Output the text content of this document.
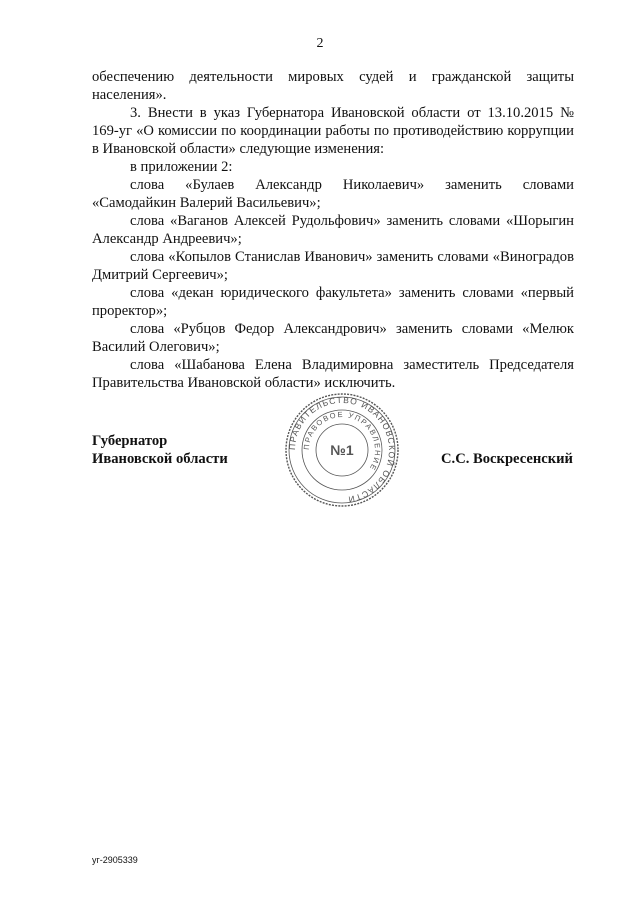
2

обеспечению деятельности мировых судей и гражданской защиты населения».

3. Внести в указ Губернатора Ивановской области от 13.10.2015 № 169-уг «О комиссии по координации работы по противодействию коррупции в Ивановской области» следующие изменения:

в приложении 2:

слова «Булаев Александр Николаевич» заменить словами «Самодайкин Валерий Васильевич»;

слова «Ваганов Алексей Рудольфович» заменить словами «Шорыгин Александр Андреевич»;

слова «Копылов Станислав Иванович» заменить словами «Виноградов Дмитрий Сергеевич»;

слова «декан юридического факультета» заменить словами «первый проректор»;

слова «Рубцов Федор Александрович» заменить словами «Мелюк Василий Олегович»;

слова «Шабанова Елена Владимировна заместитель Председателя Правительства Ивановской области» исключить.

Губернатор
Ивановской области
ПРАВИТЕЛЬСТВО ИВАНОВСКОЙ ОБЛАСТИ
ПРАВОВОЕ УПРАВЛЕНИЕ
№1
С.С. Воскресенский
уг-2905339
